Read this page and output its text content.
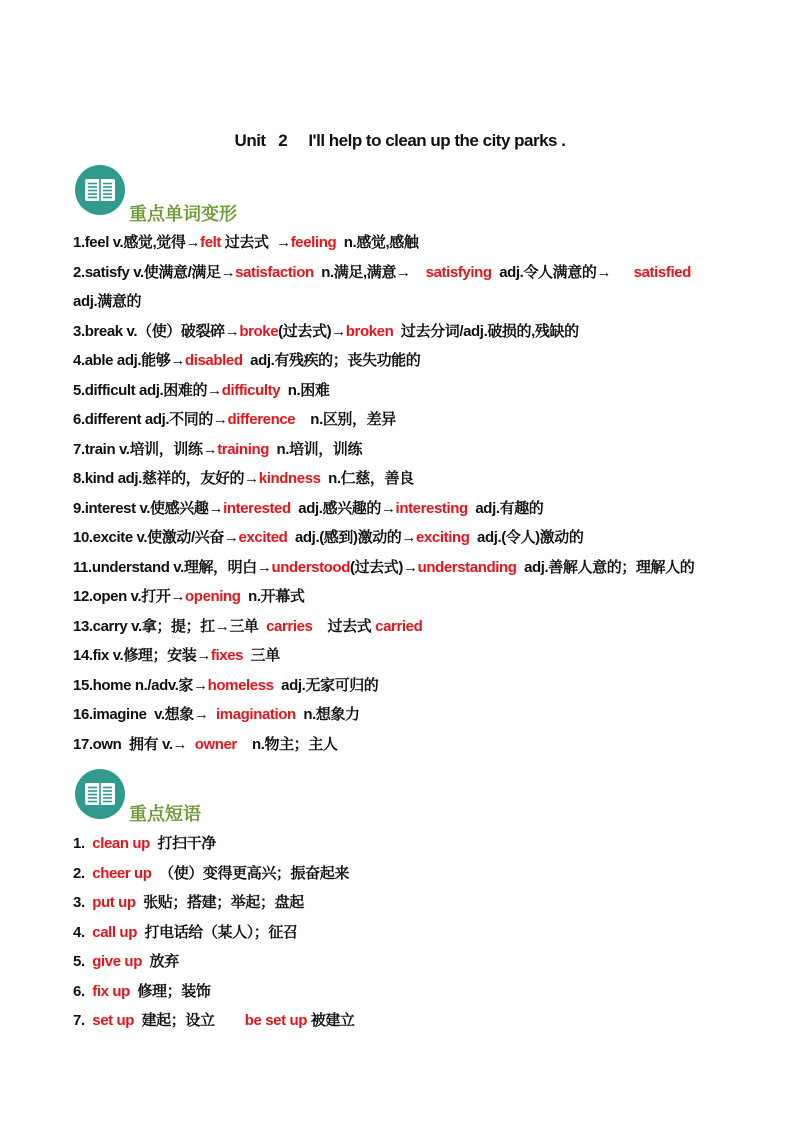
Unit   2     I'll help to clean up the city parks .
重点单词变形
1.feel v.感觉,觉得→felt 过去式  →feeling  n.感觉,感触
2.satisfy v.使满意/满足→satisfaction  n.满足,满意→    satisfying  adj.令人满意的→      satisfied
adj.满意的
3.break v.（使）破裂碎→broke(过去式)→broken  过去分词/adj.破损的,残缺的
4.able adj.能够→disabled  adj.有残疾的；丧失功能的
5.difficult adj.困难的→difficulty  n.困难
6.different adj.不同的→difference    n.区别，差异
7.train v.培训，训练→training  n.培训，训练
8.kind adj.慈祥的，友好的→kindness  n.仁慈，善良
9.interest v.使感兴趣→interested  adj.感兴趣的→interesting  adj.有趣的
10.excite v.使激动/兴奋→excited  adj.(感到)激动的→exciting  adj.(令人)激动的
11.understand v.理解，明白→understood(过去式)→understanding  adj.善解人意的；理解人的
12.open v.打开→opening  n.开幕式
13.carry v.拿；提；扛→三单  carries    过去式 carried
14.fix v.修理；安装→fixes  三单
15.home n./adv.家→homeless  adj.无家可归的
16.imagine  v.想象→  imagination  n.想象力
17.own  拥有 v.→  owner    n.物主；主人
重点短语
1.  clean up  打扫干净
2.  cheer up  （使）变得更高兴；振奋起来
3.  put up  张贴；搭建；举起；盘起
4.  call up  打电话给（某人）；征召
5.  give up  放弃
6.  fix up  修理；装饰
7.  set up  建起；设立        be set up 被建立
